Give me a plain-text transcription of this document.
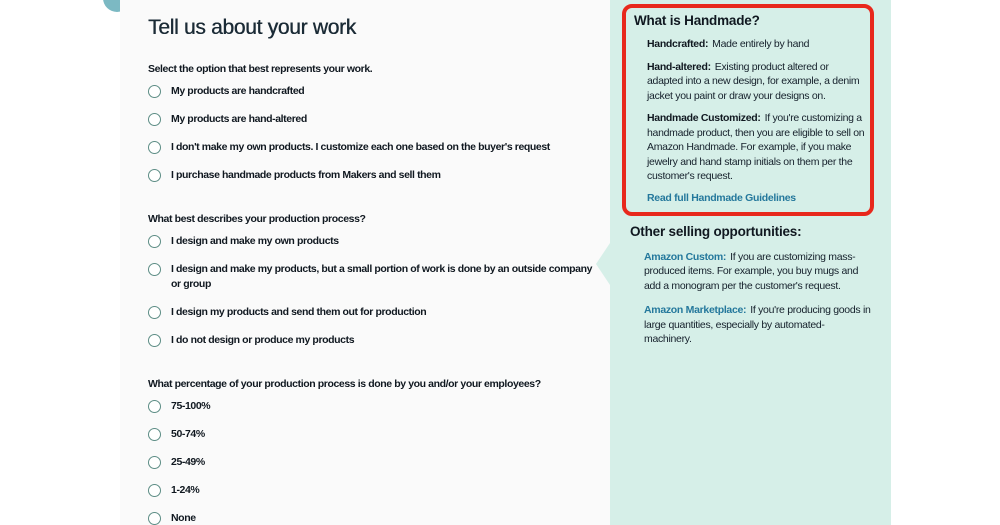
Tell us about your work
Select the option that best represents your work.
My products are handcrafted
My products are hand-altered
I don't make my own products. I customize each one based on the buyer's request
I purchase handmade products from Makers and sell them
What best describes your production process?
I design and make my own products
I design and make my products, but a small portion of work is done by an outside company or group
I design my products and send them out for production
I do not design or produce my products
What percentage of your production process is done by you and/or your employees?
75-100%
50-74%
25-49%
1-24%
None
What is Handmade?

Handcrafted: Made entirely by hand

Hand-altered: Existing product altered or adapted into a new design, for example, a denim jacket you paint or draw your designs on.

Handmade Customized: If you're customizing a handmade product, then you are eligible to sell on Amazon Handmade. For example, if you make jewelry and hand stamp initials on them per the customer's request.

Read full Handmade Guidelines
Other selling opportunities:

Amazon Custom: If you are customizing mass-produced items. For example, you buy mugs and add a monogram per the customer's request.

Amazon Marketplace: If you're producing goods in large quantities, especially by automated-machinery.
